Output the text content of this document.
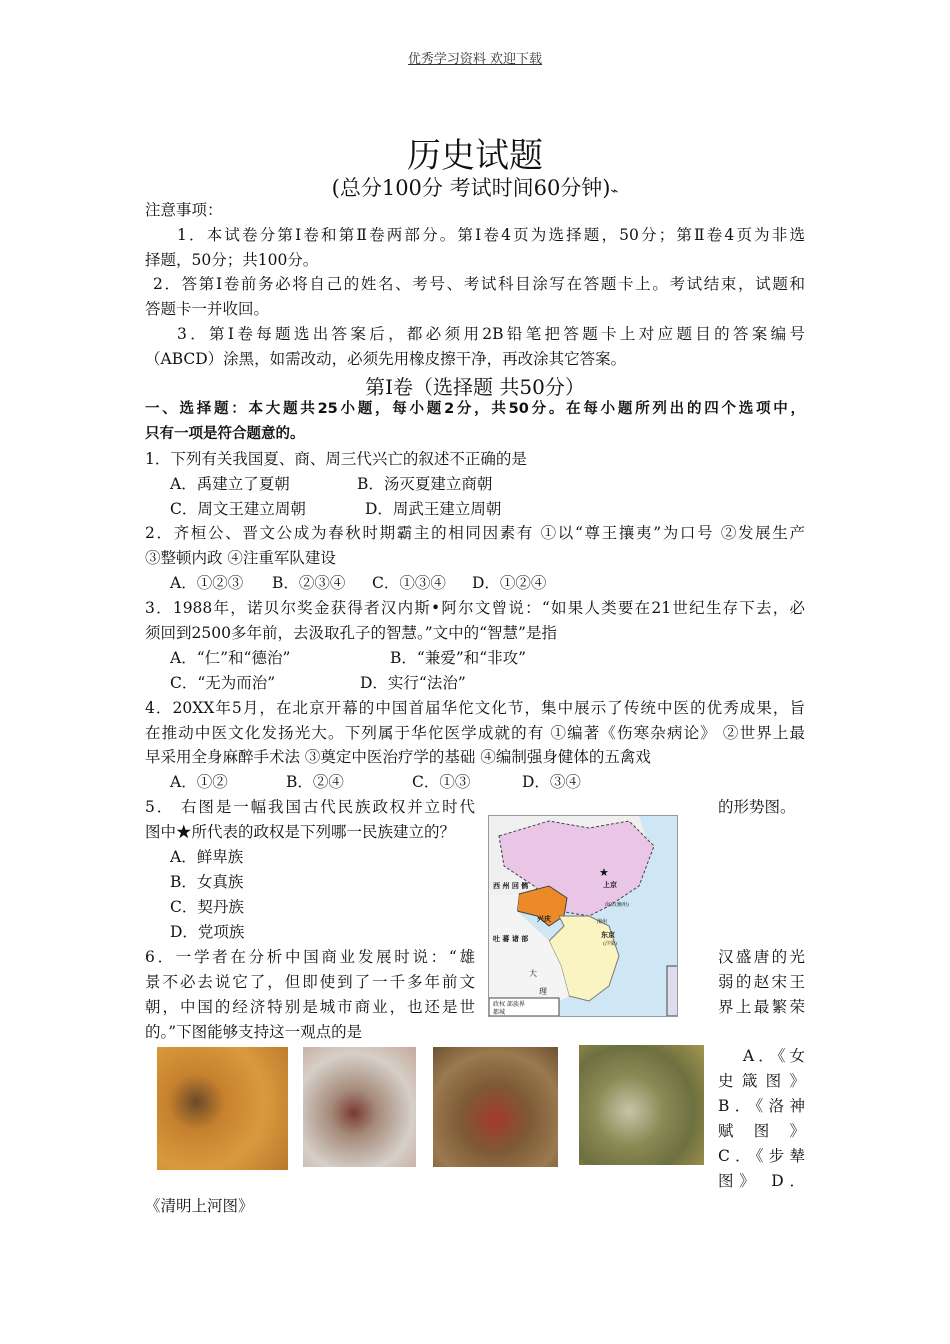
优秀学习资料 欢迎下载
历史试题
(总分100分 考试时间60分钟)⌁
注意事项：
1．本试卷分第Ⅰ卷和第Ⅱ卷两部分。第Ⅰ卷4页为选择题，50分；第Ⅱ卷4页为非选
择题，50分；共100分。
2．答第Ⅰ卷前务必将自己的姓名、考号、考试科目涂写在答题卡上。考试结束，试题和
答题卡一并收回。
3．第Ⅰ卷每题选出答案后，都必须用2B铅笔把答题卡上对应题目的答案编号
（ABCD）涂黑，如需改动，必须先用橡皮擦干净，再改涂其它答案。
第Ⅰ卷（选择题 共50分）
一、选择题：本大题共25小题，每小题2分，共50分。在每小题所列出的四个选项中，
只有一项是符合题意的。
1．下列有关我国夏、商、周三代兴亡的叙述不正确的是
A．禹建立了夏朝	B．汤灭夏建立商朝
C．周文王建立周朝	D．周武王建立周朝
2．齐桓公、晋文公成为春秋时期霸主的相同因素有 ①以“尊王攘夷”为口号 ②发展生产
③整顿内政 ④注重军队建设
A．①②③ B．②③④ C．①③④ D．①②④
3．1988年，诺贝尔奖金获得者汉内斯•阿尔文曾说：“如果人类要在21世纪生存下去，必
须回到2500多年前，去汲取孔子的智慧。”文中的“智慧”是指
A．“仁”和“德治”	B．“兼爱”和“非攻”
C．“无为而治”	D．实行“法治”
4．20XX年5月，在北京开幕的中国首届华佗文化节，集中展示了传统中医的优秀成果，旨
在推动中医文化发扬光大。下列属于华佗医学成就的有 ①编著《伤寒杂病论》 ②世界上最
早采用全身麻醉手术法 ③奠定中医治疗学的基础 ④编制强身健体的五禽戏
A．①②	B．②④	C．①③	D．③④
5． 右图是一幅我国古代民族政权并立时代	的形势图。
图中★所代表的政权是下列哪一民族建立的？
A．鲜卑族
B．女真族
C．契丹族
D．党项族
★
西 州 回 鹘	上京
兴庆
南京(幽州)
澶州
东京
(汴梁)
吐 蕃 诸 部
大
理
政权 部族界
都城
6．一学者在分析中国商业发展时说：“雄
景不必去说它了，但即使到了一千多年前文
朝，中国的经济特别是城市商业，也还是世
的。”下图能够支持这一观点的是
汉盛唐的光
弱的赵宋王
界上最繁荣
A．《女
史 箴 图 》
B．《洛神
赋 图 》
C．《步辇
图》 D．
《清明上河图》
